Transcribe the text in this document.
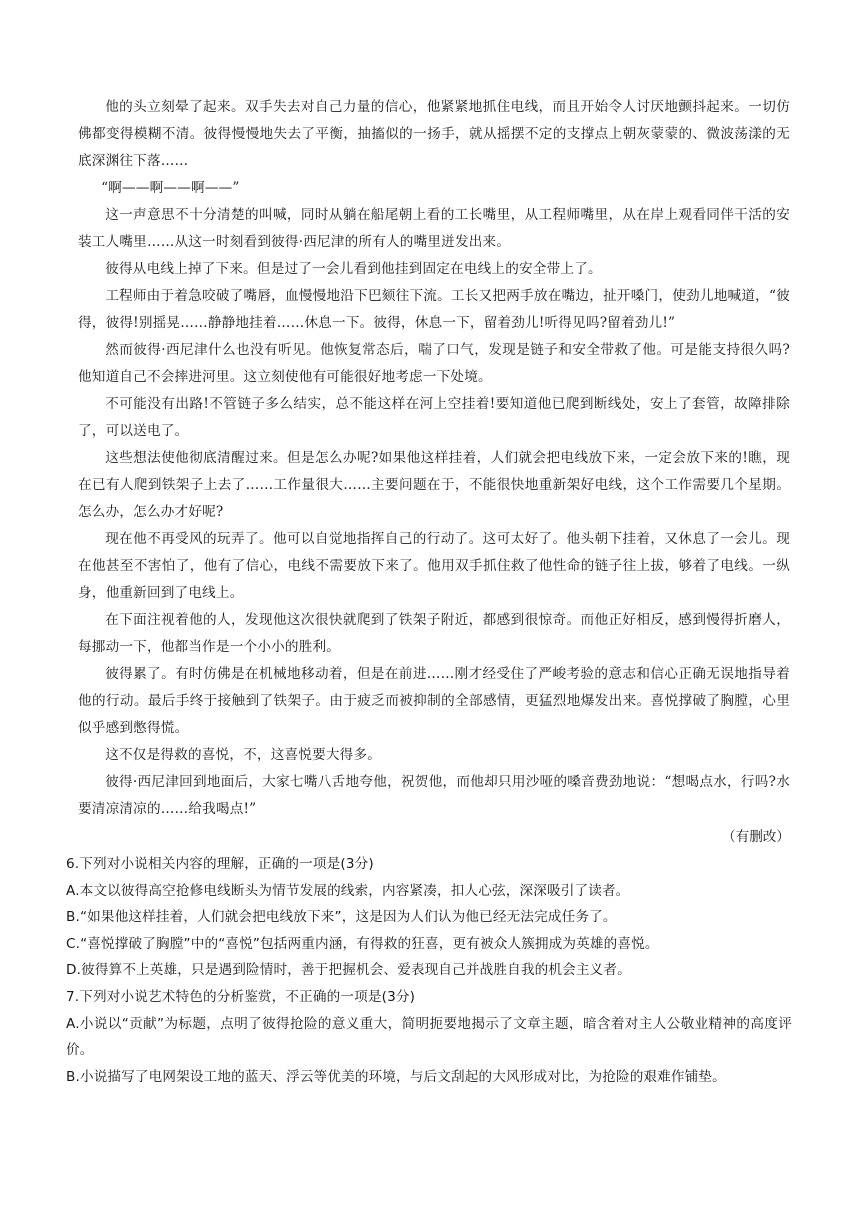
他的头立刻晕了起来。双手失去对自己力量的信心，他紧紧地抓住电线，而且开始令人讨厌地颤抖起来。一切仿佛都变得模糊不清。彼得慢慢地失去了平衡，抽搐似的一扬手，就从摇摆不定的支撑点上朝灰蒙蒙的、微波荡漾的无底深渊往下落……

“啊——啊——啊——”

这一声意思不十分清楚的叫喊，同时从躺在船尾朝上看的工长嘴里，从工程师嘴里，从在岸上观看同伴干活的安装工人嘴里……从这一时刻看到彼得·西尼津的所有人的嘴里迸发出来。

彼得从电线上掉了下来。但是过了一会儿看到他挂到固定在电线上的安全带上了。

工程师由于着急咬破了嘴唇，血慢慢地沿下巴颏往下流。工长又把两手放在嘴边，扯开嗓门，使劲儿地喊道，“彼得，彼得!别摇晃……静静地挂着……休息一下。彼得，休息一下，留着劲儿!听得见吗?留着劲儿!”

然而彼得·西尼津什么也没有听见。他恢复常态后，喘了口气，发现是链子和安全带救了他。可是能支持很久吗?他知道自己不会摔进河里。这立刻使他有可能很好地考虑一下处境。

不可能没有出路!不管链子多么结实，总不能这样在河上空挂着!要知道他已爬到断线处，安上了套管，故障排除了，可以送电了。

这些想法使他彻底清醒过来。但是怎么办呢?如果他这样挂着，人们就会把电线放下来，一定会放下来的!瞧，现在已有人爬到铁架子上去了……工作量很大……主要问题在于，不能很快地重新架好电线，这个工作需要几个星期。怎么办，怎么办才好呢?

现在他不再受风的玩弄了。他可以自觉地指挥自己的行动了。这可太好了。他头朝下挂着，又休息了一会儿。现在他甚至不害怕了，他有了信心，电线不需要放下来了。他用双手抓住救了他性命的链子往上拔，够着了电线。一纵身，他重新回到了电线上。

在下面注视着他的人，发现他这次很快就爬到了铁架子附近，都感到很惊奇。而他正好相反，感到慢得折磨人，每挪动一下，他都当作是一个小小的胜利。

彼得累了。有时仿佛是在机械地移动着，但是在前进……刚才经受住了严峻考验的意志和信心正确无误地指导着他的行动。最后手终于接触到了铁架子。由于疲乏而被抑制的全部感情，更猛烈地爆发出来。喜悦撑破了胸膛，心里似乎感到憋得慌。

这不仅是得救的喜悦，不，这喜悦要大得多。

彼得·西尼津回到地面后，大家七嘴八舌地夸他，祝贺他，而他却只用沙哑的嗓音费劲地说：“想喝点水，行吗?水要清凉清凉的……给我喝点!”

（有删改）

6.下列对小说相关内容的理解，正确的一项是(3分)

A.本文以彼得高空抢修电线断头为情节发展的线索，内容紧凑，扣人心弦，深深吸引了读者。

B.“如果他这样挂着，人们就会把电线放下来”，这是因为人们认为他已经无法完成任务了。

C.“喜悦撑破了胸膛”中的“喜悦”包括两重内涵，有得救的狂喜，更有被众人簇拥成为英雄的喜悦。

D.彼得算不上英雄，只是遇到险情时，善于把握机会、爱表现自己并战胜自我的机会主义者。

7.下列对小说艺术特色的分析鉴赏，不正确的一项是(3分)

A.小说以“贡献”为标题，点明了彼得抢险的意义重大，简明扼要地揭示了文章主题，暗含着对主人公敬业精神的高度评价。

B.小说描写了电网架设工地的蓝天、浮云等优美的环境，与后文刮起的大风形成对比，为抢险的艰难作铺垫。
